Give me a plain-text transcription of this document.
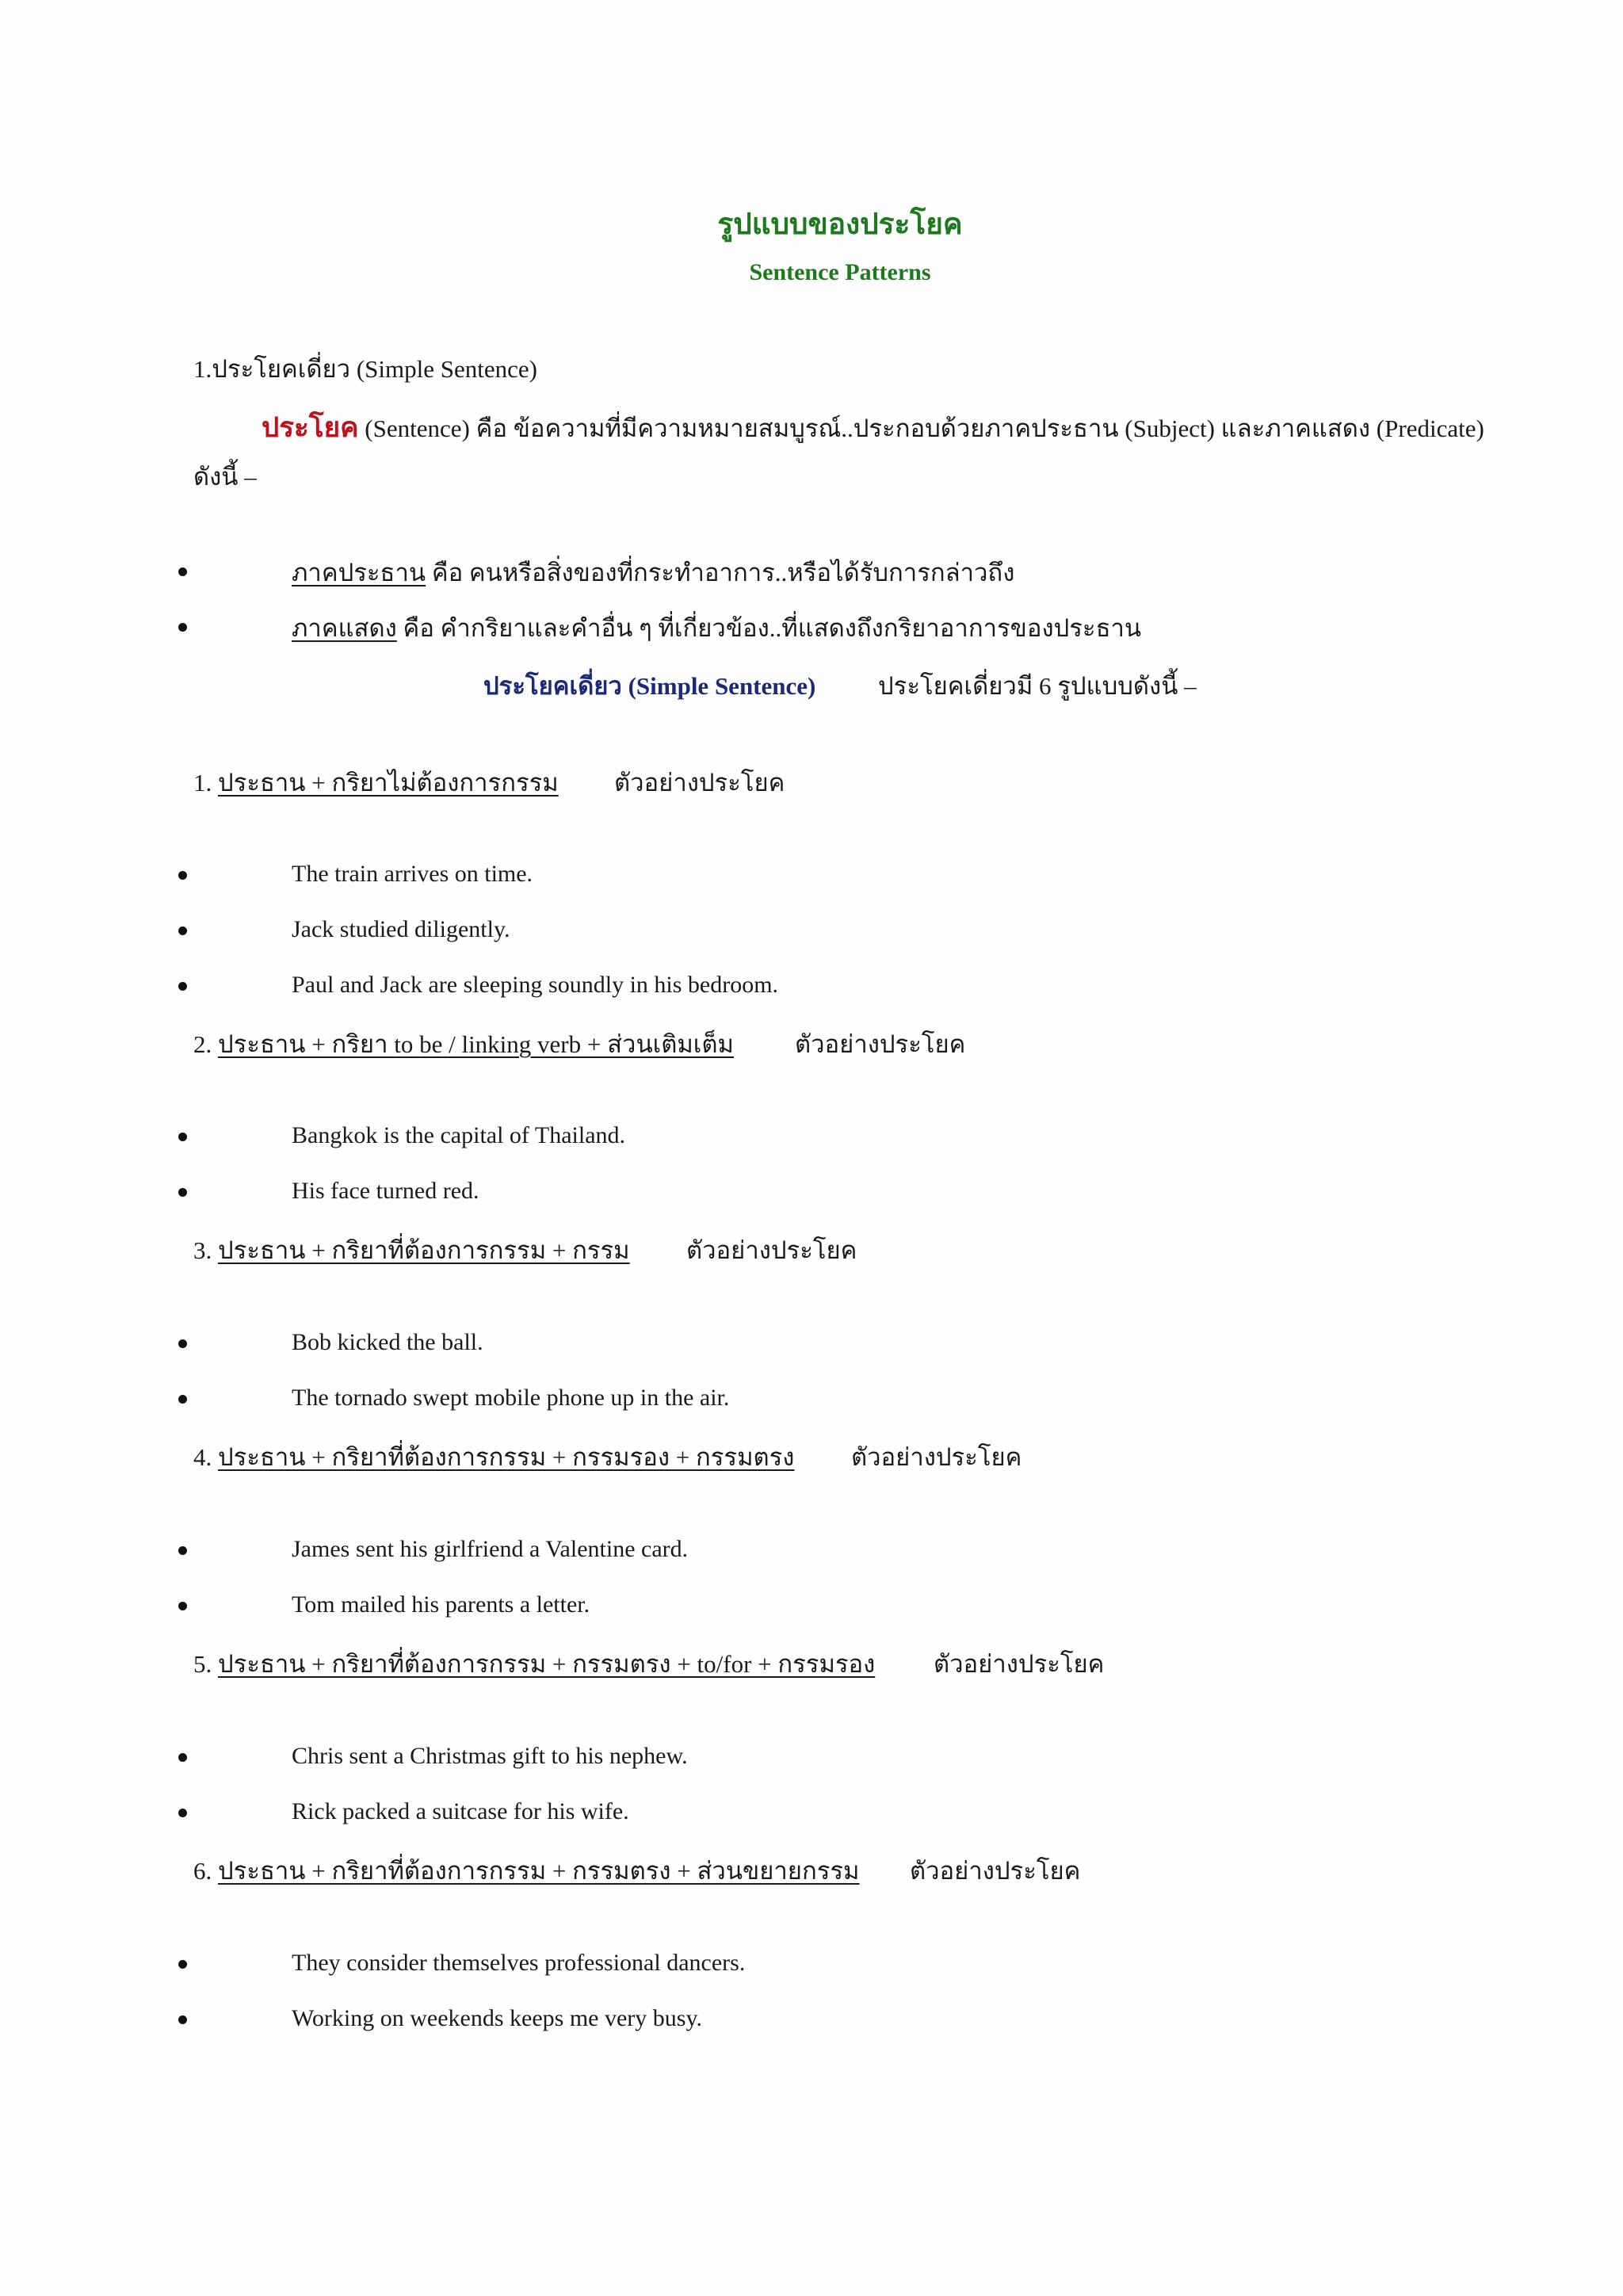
รูปแบบของประโยค
Sentence Patterns
1.ประโยคเดี่ยว (Simple Sentence)
ประโยค (Sentence) คือ ข้อความที่มีความหมายสมบูรณ์..ประกอบด้วยภาคประธาน (Subject) และภาคแสดง (Predicate)
ดังนี้ –
ภาคประธาน คือ คนหรือสิ่งของที่กระทำอาการ..หรือได้รับการกล่าวถึง
ภาคแสดง คือ คำกริยาและคำอื่น ๆ ที่เกี่ยวข้อง..ที่แสดงถึงกริยาอาการของประธาน
ประโยคเดี่ยว (Simple Sentence)	ประโยคเดี่ยวมี 6 รูปแบบดังนี้ –
1. ประธาน + กริยาไม่ต้องการกรรม ตัวอย่างประโยค
The train arrives on time.
Jack studied diligently.
Paul and Jack are sleeping soundly in his bedroom.
2. ประธาน + กริยา to be / linking verb + ส่วนเติมเต็ม ตัวอย่างประโยค
Bangkok is the capital of Thailand.
His face turned red.
3. ประธาน + กริยาที่ต้องการกรรม + กรรม ตัวอย่างประโยค
Bob kicked the ball.
The tornado swept mobile phone up in the air.
4. ประธาน + กริยาที่ต้องการกรรม + กรรมรอง + กรรมตรง ตัวอย่างประโยค
James sent his girlfriend a Valentine card.
Tom mailed his parents a letter.
5. ประธาน + กริยาที่ต้องการกรรม + กรรมตรง + to/for + กรรมรอง ตัวอย่างประโยค
Chris sent a Christmas gift to his nephew.
Rick packed a suitcase for his wife.
6. ประธาน + กริยาที่ต้องการกรรม + กรรมตรง + ส่วนขยายกรรม ตัวอย่างประโยค
They consider themselves professional dancers.
Working on weekends keeps me very busy.
